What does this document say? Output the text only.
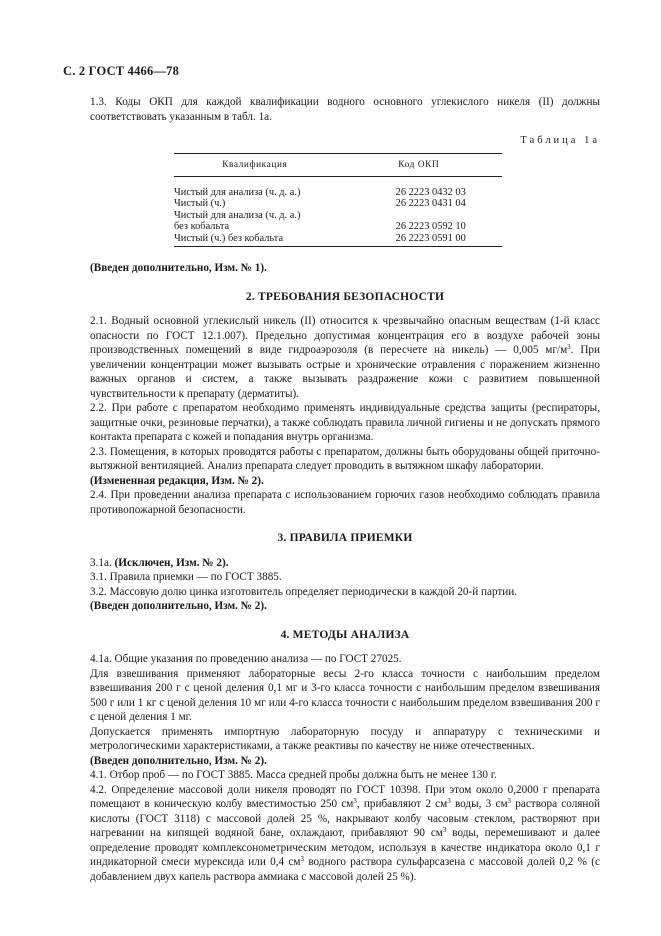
С. 2 ГОСТ 4466—78

1.3. Коды ОКП для каждой квалификации водного основного углекислого никеля (II) должны соответствовать указанным в табл. 1а.

Таблица 1а
Квалификация	Код ОКП

Чистый для анализа (ч. д. а.)	26 2223 0432 03
Чистый (ч.)	26 2223 0431 04
Чистый для анализа (ч. д. а.)	
без кобальта	26 2223 0592 10
Чистый (ч.) без кобальта	26 2223 0591 00

(Введен дополнительно, Изм. № 1).

2. ТРЕБОВАНИЯ БЕЗОПАСНОСТИ

2.1. Водный основной углекислый никель (II) относится к чрезвычайно опасным веществам (1-й класс опасности по ГОСТ 12.1.007). Предельно допустимая концентрация его в воздухе рабочей зоны производственных помещений в виде гидроаэрозоля (в пересчете на никель) — 0,005 $мг/м^3$. При увеличении концентрации может вызывать острые и хронические отравления с поражением жизненно важных органов и систем, а также вызывать раздражение кожи с развитием повышенной чувствительности к препарату (дерматиты).

2.2. При работе с препаратом необходимо применять индивидуальные средства защиты (респираторы, защитные очки, резиновые перчатки), а также соблюдать правила личной гигиены и не допускать прямого контакта препарата с кожей и попадания внутрь организма.

2.3. Помещения, в которых проводятся работы с препаратом, должны быть оборудованы общей приточно-вытяжной вентиляцией. Анализ препарата следует проводить в вытяжном шкафу лаборатории.

(Измененная редакция, Изм. № 2).

2.4. При проведении анализа препарата с использованием горючих газов необходимо соблюдать правила противопожарной безопасности.

3. ПРАВИЛА ПРИЕМКИ

3.1а. (Исключен, Изм. № 2).

3.1. Правила приемки — по ГОСТ 3885.

3.2. Массовую долю цинка изготовитель определяет периодически в каждой 20-й партии.

(Введен дополнительно, Изм. № 2).

4. МЕТОДЫ АНАЛИЗА

4.1а. Общие указания по проведению анализа — по ГОСТ 27025.

Для взвешивания применяют лабораторные весы 2-го класса точности с наибольшим пределом взвешивания 200 г с ценой деления 0,1 мг и 3-го класса точности с наибольшим пределом взвешивания 500 г или 1 кг с ценой деления 10 мг или 4-го класса точности с наибольшим пределом взвешивания 200 г с ценой деления 1 мг.

Допускается применять импортную лабораторную посуду и аппаратуру с техническими и метрологическими характеристиками, а также реактивы по качеству не ниже отечественных.

(Введен дополнительно, Изм. № 2).

4.1. Отбор проб — по ГОСТ 3885. Масса средней пробы должна быть не менее 130 г.

4.2. Определение массовой доли никеля проводят по ГОСТ 10398. При этом около 0,2000 г препарата помещают в коническую колбу вместимостью 250 $см^3$, прибавляют 2 $см^3$ воды, 3 $см^3$ раствора соляной кислоты (ГОСТ 3118) с массовой долей 25 %, накрывают колбу часовым стеклом, растворяют при нагревании на кипящей водяной бане, охлаждают, прибавляют 90 $см^3$ воды, перемешивают и далее определение проводят комплексонометрическим методом, используя в качестве индикатора около 0,1 г индикаторной смеси мурексида или 0,4 $см^3$ водного раствора сульфарсазена с массовой долей 0,2 % (с добавлением двух капель раствора аммиака с массовой долей 25 %).
